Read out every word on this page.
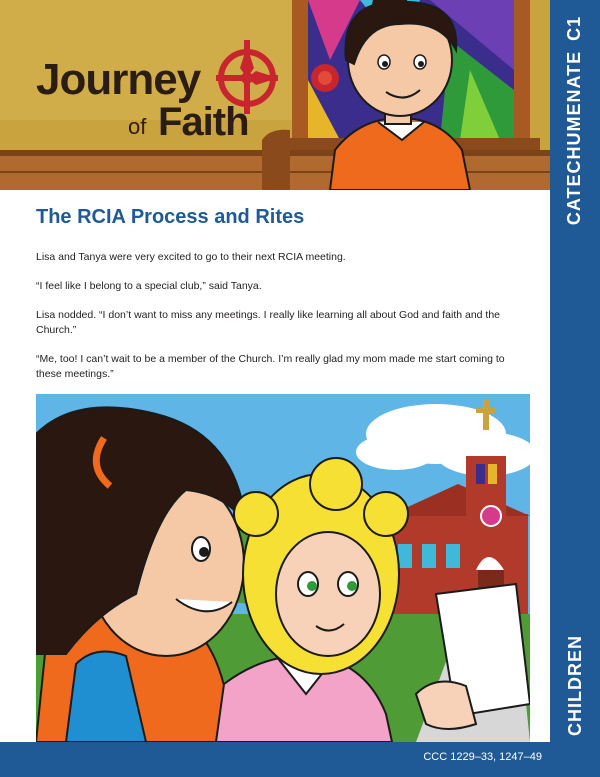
Journey
of Faith	CATECHUMENATEC1
CHILDREN
The RCIA Process and Rites

Lisa and Tanya were very excited to go to their next RCIA meeting.

“I feel like I belong to a special club,” said Tanya.

Lisa nodded. “I don’t want to miss any meetings. I really like learning all about God and faith and the Church.”

“Me, too! I can’t wait to be a member of the Church. I’m really glad my mom made me start coming to these meetings.”

CCC 1229–33, 1247–49
